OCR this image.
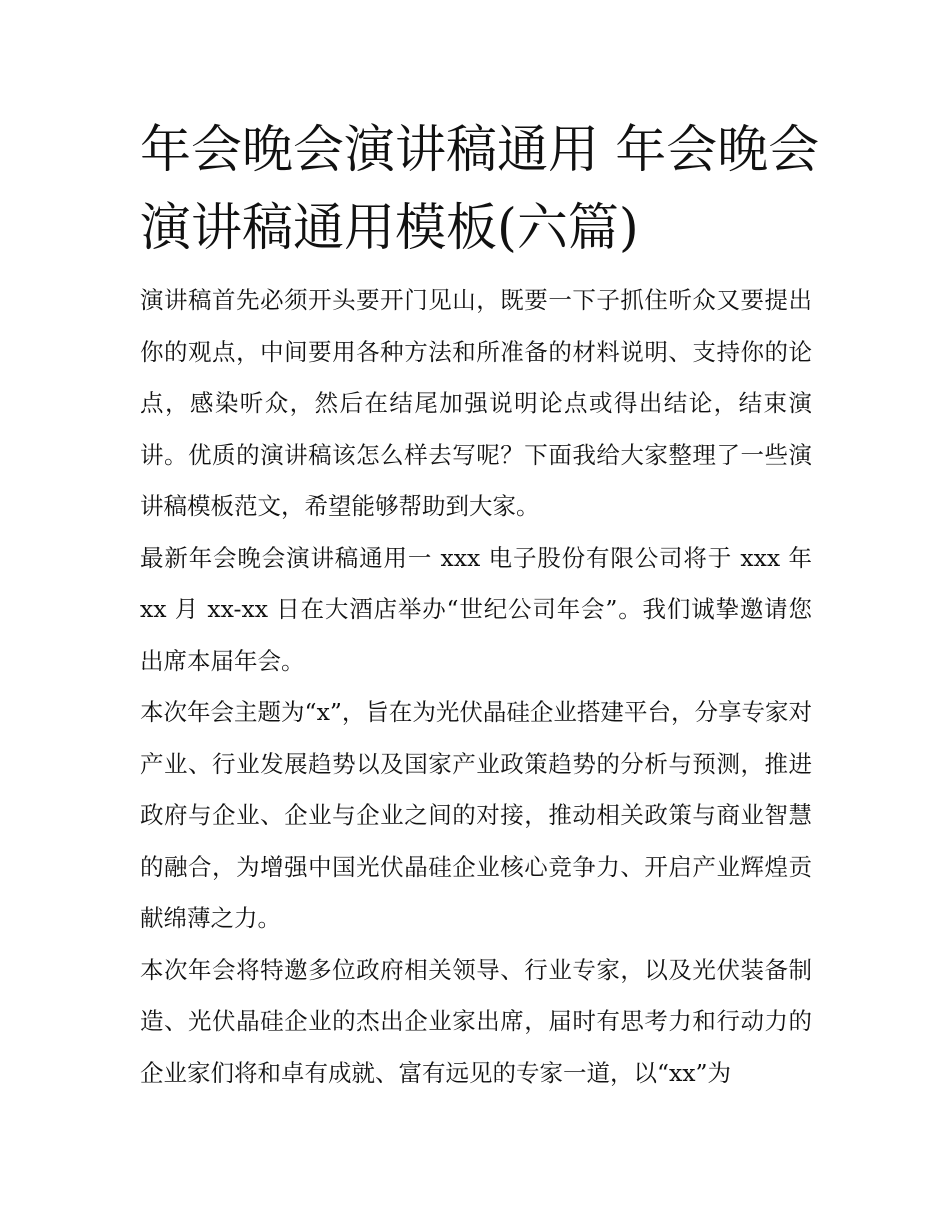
年会晚会演讲稿通用 年会晚会演讲稿通用模板(六篇)

演讲稿首先必须开头要开门见山，既要一下子抓住听众又要提出你的观点，中间要用各种方法和所准备的材料说明、支持你的论点，感染听众，然后在结尾加强说明论点或得出结论，结束演讲。优质的演讲稿该怎么样去写呢？下面我给大家整理了一些演讲稿模板范文，希望能够帮助到大家。

最新年会晚会演讲稿通用一 xxx 电子股份有限公司将于 xxx 年 xx 月 xx-xx 日在大酒店举办“世纪公司年会”。我们诚挚邀请您出席本届年会。

本次年会主题为“x”，旨在为光伏晶硅企业搭建平台，分享专家对产业、行业发展趋势以及国家产业政策趋势的分析与预测，推进政府与企业、企业与企业之间的对接，推动相关政策与商业智慧的融合，为增强中国光伏晶硅企业核心竞争力、开启产业辉煌贡献绵薄之力。

本次年会将特邀多位政府相关领导、行业专家，以及光伏装备制造、光伏晶硅企业的杰出企业家出席，届时有思考力和行动力的企业家们将和卓有成就、富有远见的专家一道，以“xx”为
